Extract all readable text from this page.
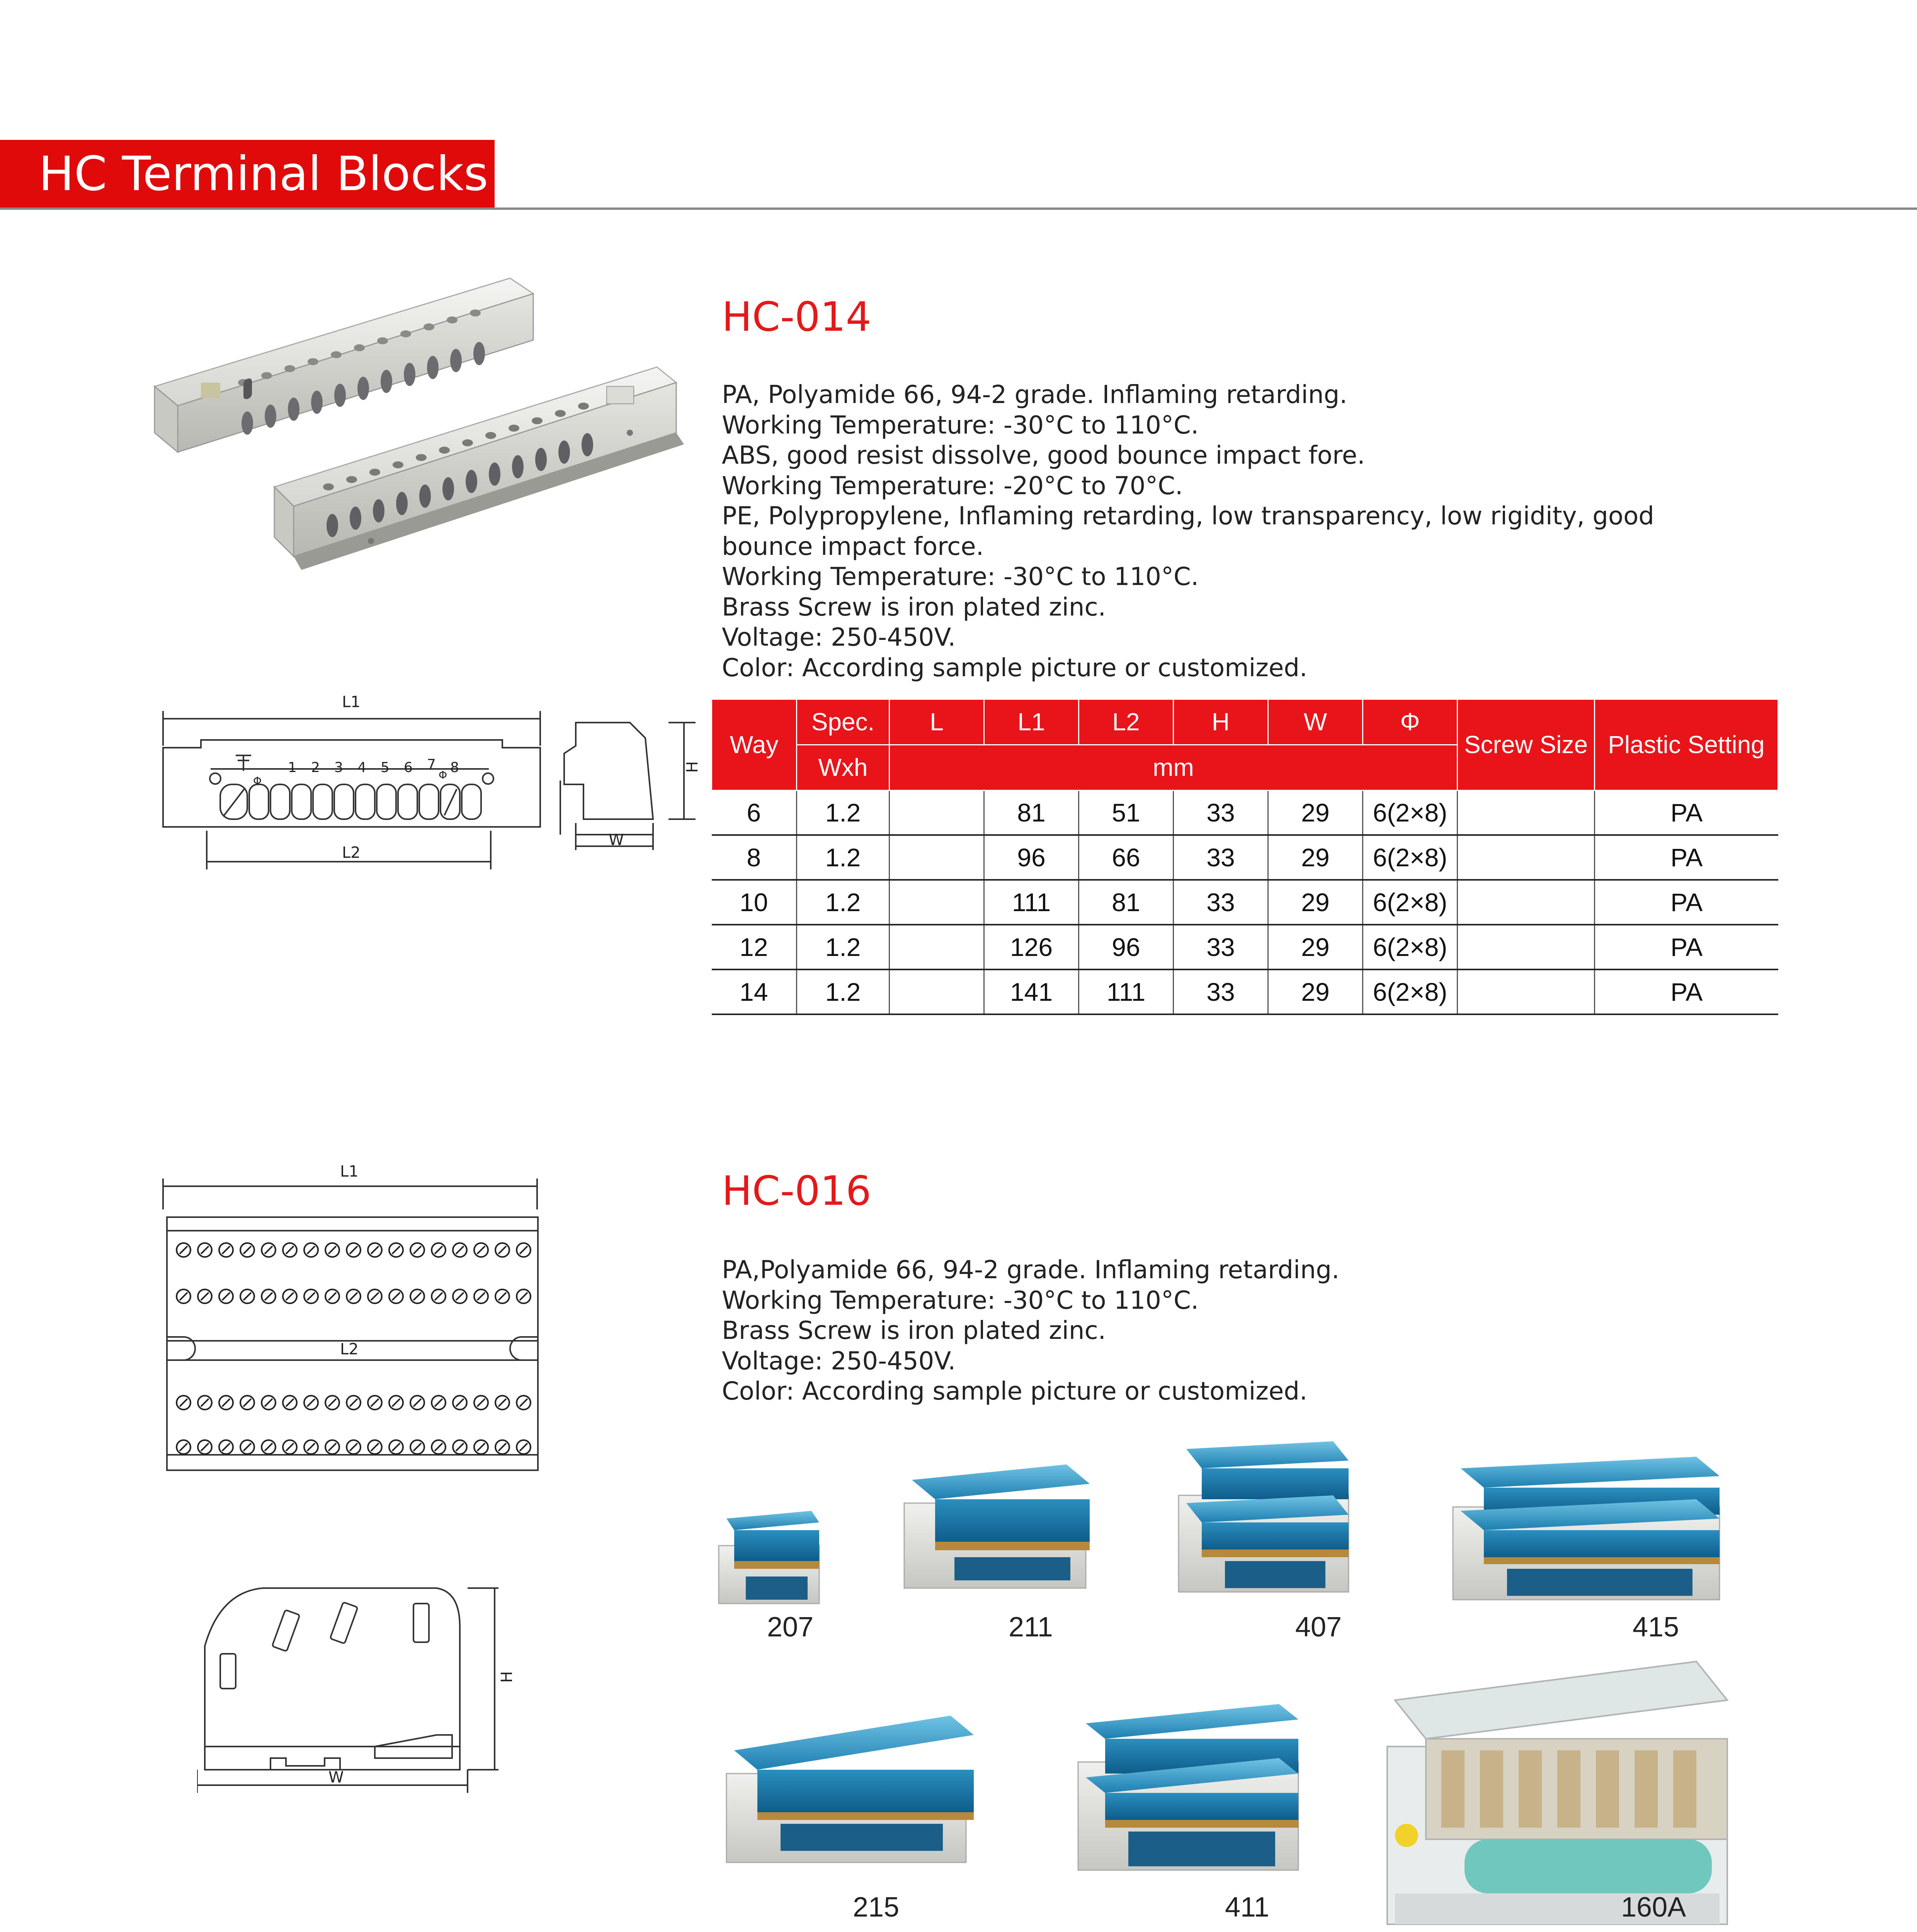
HC Terminal Blocks
HC-014
PA, Polyamide 66, 94-2 grade. Inflaming retarding.
Working Temperature: -30°C to 110°C.
ABS, good resist dissolve, good bounce impact fore.
Working Temperature: -20°C to 70°C.
PE, Polypropylene, Inflaming retarding, low transparency, low rigidity, good
bounce impact force.
Working Temperature: -30°C to 110°C.
Brass Screw is iron plated zinc.
Voltage: 250-450V.
Color: According sample picture or customized.
L1
L2
W
H
Φ	Φ
1 2 3 4 5 6 7 8
Way	Spec.	L	L1	L2	H	W	Φ	Screw Size	Plastic Setting
	Wxh	mm							
6	1.2		81	51	33	29	6(2×8)		PA
8	1.2		96	66	33	29	6(2×8)		PA
10	1.2		111	81	33	29	6(2×8)		PA
12	1.2		126	96	33	29	6(2×8)		PA
14	1.2		141	111	33	29	6(2×8)		PA
L1
L2
W
H
HC-016
PA,Polyamide 66, 94-2 grade. Inflaming retarding.
Working Temperature: -30°C to 110°C.
Brass Screw is iron plated zinc.
Voltage: 250-450V.
Color: According sample picture or customized.
207	211	407	415
215	411	160A
